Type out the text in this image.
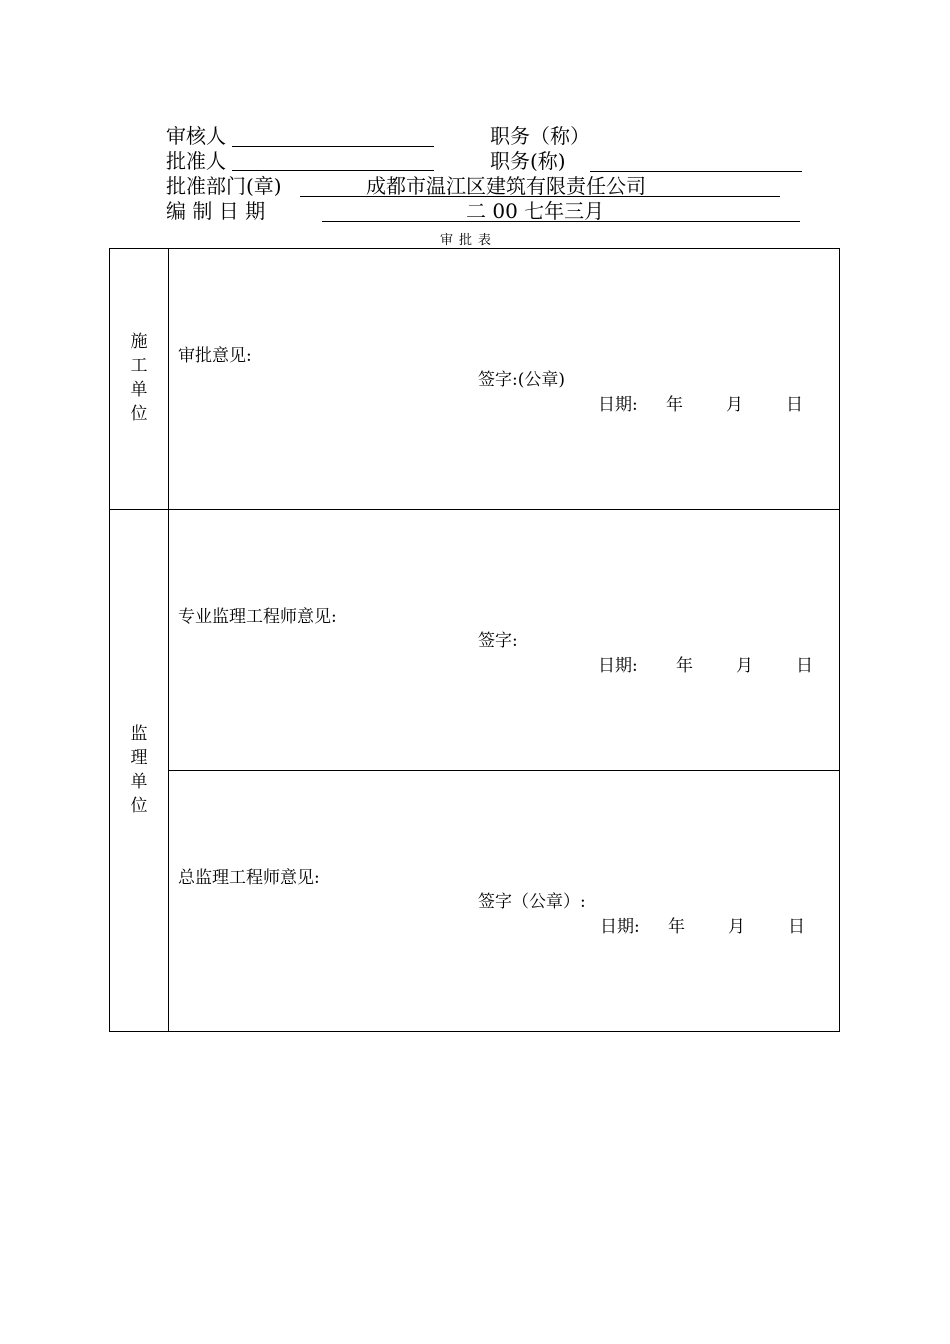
审核人	职务（称）
批准人	职务(称)
批准部门(章)	成都市温江区建筑有限责任公司
编 制 日 期	二 00 七年三月
审批表
施
工
单
位
审批意见:
签字:(公章)
日期: 年	月	日
监
理
单
位
专业监理工程师意见:
签字:
日期: 年	月	日
总监理工程师意见:
签字（公章）:
日期: 年	月	日
